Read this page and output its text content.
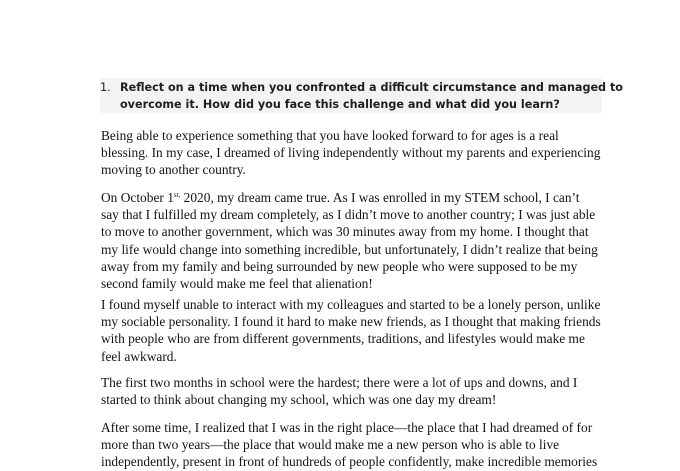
1. Reflect on a time when you confronted a difficult circumstance and managed to
overcome it. How did you face this challenge and what did you learn?

Being able to experience something that you have looked forward to for ages is a real
blessing. In my case, I dreamed of living independently without my parents and experiencing
moving to another country.

On October $1^{st,}$ 2020, my dream came true. As I was enrolled in my STEM school, I can’t
say that I fulfilled my dream completely, as I didn’t move to another country; I was just able
to move to another government, which was 30 minutes away from my home. I thought that
my life would change into something incredible, but unfortunately, I didn’t realize that being
away from my family and being surrounded by new people who were supposed to be my
second family would make me feel that alienation!

I found myself unable to interact with my colleagues and started to be a lonely person, unlike
my sociable personality. I found it hard to make new friends, as I thought that making friends
with people who are from different governments, traditions, and lifestyles would make me
feel awkward.

The first two months in school were the hardest; there were a lot of ups and downs, and I
started to think about changing my school, which was one day my dream!

After some time, I realized that I was in the right place—the place that I had dreamed of for
more than two years—the place that would make me a new person who is able to live
independently, present in front of hundreds of people confidently, make incredible memories
